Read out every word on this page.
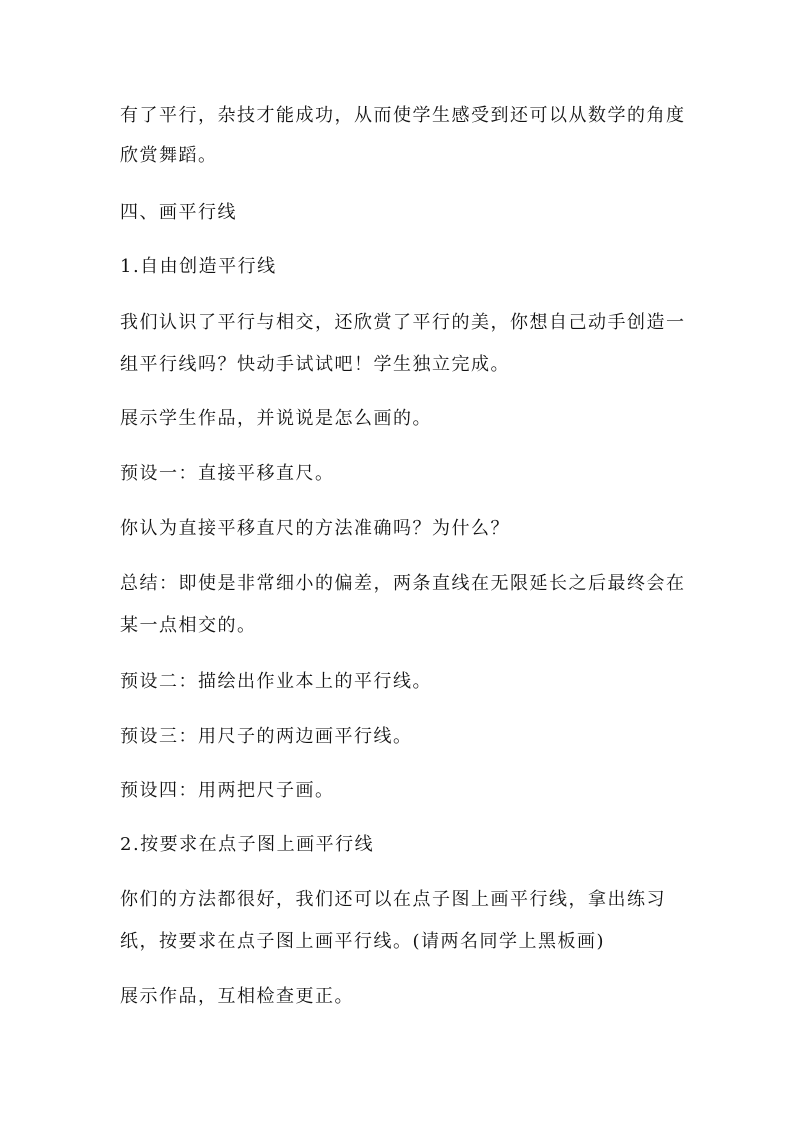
有了平行，杂技才能成功，从而使学生感受到还可以从数学的角度
欣赏舞蹈。
四、画平行线
1.自由创造平行线
我们认识了平行与相交，还欣赏了平行的美，你想自己动手创造一
组平行线吗？快动手试试吧！学生独立完成。
展示学生作品，并说说是怎么画的。
预设一：直接平移直尺。
你认为直接平移直尺的方法准确吗？为什么？
总结：即使是非常细小的偏差，两条直线在无限延长之后最终会在
某一点相交的。
预设二：描绘出作业本上的平行线。
预设三：用尺子的两边画平行线。
预设四：用两把尺子画。
2.按要求在点子图上画平行线
你们的方法都很好，我们还可以在点子图上画平行线，拿出练习
纸，按要求在点子图上画平行线。(请两名同学上黑板画)
展示作品，互相检查更正。
